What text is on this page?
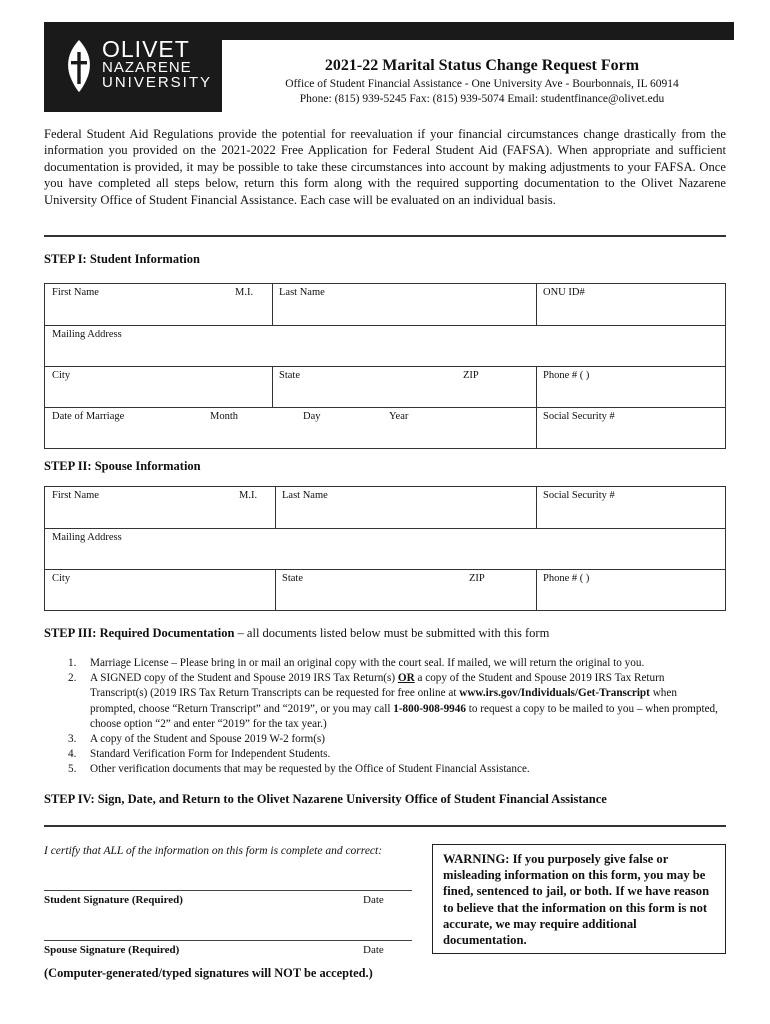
OLIVET
NAZARENE
UNIVERSITY
2021-22 Marital Status Change Request Form
Office of Student Financial Assistance - One University Ave - Bourbonnais, IL 60914
Phone: (815) 939-5245 Fax: (815) 939-5074 Email: studentfinance@olivet.edu
Federal Student Aid Regulations provide the potential for reevaluation if your financial circumstances change drastically from the information you provided on the 2021-2022 Free Application for Federal Student Aid (FAFSA). When appropriate and sufficient documentation is provided, it may be possible to take these circumstances into account by making adjustments to your FAFSA. Once you have completed all steps below, return this form along with the required supporting documentation to the Olivet Nazarene University Office of Student Financial Assistance. Each case will be evaluated on an individual basis.
STEP I: Student Information
First Name	M.I. Last Name	ONU ID#
Mailing Address
City	State	ZIP	Phone # ( )
Date of Marriage	Month	Day	Year	Social Security #
STEP II: Spouse Information
First Name	M.I. Last Name	Social Security #
Mailing Address
City	State	ZIP	Phone # ( )
STEP III: Required Documentation – all documents listed below must be submitted with this form
1. Marriage License – Please bring in or mail an original copy with the court seal. If mailed, we will return the original to you.
2. A SIGNED copy of the Student and Spouse 2019 IRS Tax Return(s) OR a copy of the Student and Spouse 2019 IRS Tax Return Transcript(s) (2019 IRS Tax Return Transcripts can be requested for free online at www.irs.gov/Individuals/Get-Transcript when prompted, choose “Return Transcript” and “2019”, or you may call 1-800-908-9946 to request a copy to be mailed to you – when prompted, choose option “2” and enter “2019” for the tax year.)
3. A copy of the Student and Spouse 2019 W-2 form(s)
4. Standard Verification Form for Independent Students.
5. Other verification documents that may be requested by the Office of Student Financial Assistance.
STEP IV: Sign, Date, and Return to the Olivet Nazarene University Office of Student Financial Assistance
I certify that ALL of the information on this form is complete and correct:
Student Signature (Required)	Date
Spouse Signature (Required)	Date
(Computer-generated/typed signatures will NOT be accepted.)
WARNING: If you purposely give false or misleading information on this form, you may be fined, sentenced to jail, or both. If we have reason to believe that the information on this form is not accurate, we may require additional documentation.
